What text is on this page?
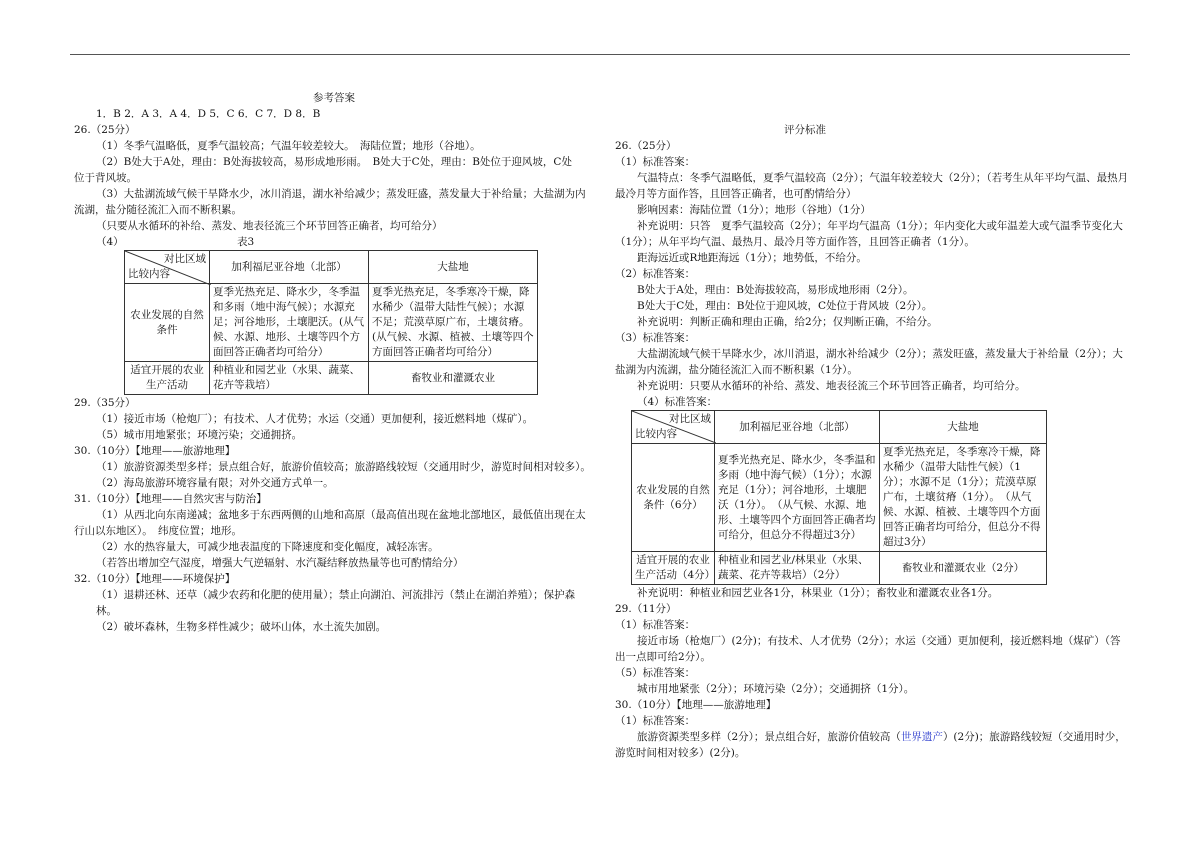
参考答案

1．B 2．A 3．A 4．D 5．C 6．C 7．D 8．B

26.（25分）

（1）冬季气温略低，夏季气温较高；气温年较差较大。　海陆位置；地形（谷地）。

（2）B处大于A处，理由：B处海拔较高，易形成地形雨。　B处大于C处，理由：B处位于迎风坡，C处

位于背风坡。

（3）大盐湖流域气候干旱降水少，冰川消退，湖水补给减少；蒸发旺盛，蒸发量大于补给量；大盐湖为内

流湖，盐分随径流汇入而不断积累。

（只要从水循环的补给、蒸发、地表径流三个环节回答正确者，均可给分）

（4）	表3

对比区域
比较内容	加利福尼亚谷地（北部）	大盐地
农业发展的自然条件	夏季光热充足、降水少，冬季温和多雨（地中海气候）；水源充足；河谷地形，土壤肥沃。(从气候、水源、地形、土壤等四个方面回答正确者均可给分）	夏季光热充足，冬季寒冷干燥，降水稀少（温带大陆性气候）；水源不足；荒漠草原广布，土壤贫瘠。(从气候、水源、植被、土壤等四个方面回答正确者均可给分）
适宜开展的农业生产活动	种植业和园艺业（水果、蔬菜、花卉等栽培）	畜牧业和灌溉农业

29.（35分）

（1）接近市场（枪炮厂）；有技术、人才优势；水运（交通）更加便利，接近燃料地（煤矿）。

（5）城市用地紧张；环境污染；交通拥挤。

30.（10分）【地理——旅游地理】

（1）旅游资源类型多样；景点组合好，旅游价值较高；旅游路线较短（交通用时少，游览时间相对较多）。

（2）海岛旅游环境容量有限；对外交通方式单一。

31.（10分）【地理——自然灾害与防治】

（1）从西北向东南递减；盆地多于东西两侧的山地和高原（最高值出现在盆地北部地区，最低值出现在太

行山以东地区）。　纬度位置；地形。

（2）水的热容量大，可减少地表温度的下降速度和变化幅度，减轻冻害。

（若答出增加空气湿度，增强大气逆辐射、水汽凝结释放热量等也可酌情给分）

32.（10分）【地理——环境保护】

（1）退耕还林、还草（减少农药和化肥的使用量）；禁止向湖泊、河流排污（禁止在湖泊养殖）；保护森林。

（2）破坏森林，生物多样性减少；破坏山体，水土流失加剧。

评分标准

26.（25分）

（1）标准答案：

气温特点：冬季气温略低，夏季气温较高（2分）；气温年较差较大（2分）；（若考生从年平均气温、最热月

最冷月等方面作答，且回答正确者，也可酌情给分）

影响因素：海陆位置（1分）；地形（谷地）（1分）

补充说明：只答　夏季气温较高（2分）；年平均气温高（1分）；年内变化大或年温差大或气温季节变化大

（1分）；从年平均气温、最热月、最冷月等方面作答，且回答正确者（1分）。

距海远近或R地距海远（1分）；地势低，不给分。

（2）标准答案：

B处大于A处，理由：B处海拔较高，易形成地形雨（2分）。

B处大于C处，理由：B处位于迎风坡，C处位于背风坡（2分）。

补充说明：判断正确和理由正确，给2分；仅判断正确，不给分。

（3）标准答案：

大盐湖流域气候干旱降水少，冰川消退，湖水补给减少（2分）；蒸发旺盛，蒸发量大于补给量（2分）；大

盐湖为内流湖，盐分随径流汇入而不断积累（1分）。

补充说明：只要从水循环的补给、蒸发、地表径流三个环节回答正确者，均可给分。

（4）标准答案：

对比区域
比较内容	加利福尼亚谷地（北部）	大盐地
农业发展的自然条件（6分）	夏季光热充足、降水少，冬季温和多雨（地中海气候）（1分）；水源充足（1分）；河谷地形，土壤肥沃（1分）。　（从气候、水源、地形、土壤等四个方面回答正确者均可给分，但总分不得超过3分）	夏季光热充足，冬季寒冷干燥，降水稀少（温带大陆性气候）（1分）；水源不足（1分）；荒漠草原广布，土壤贫瘠（1分）。　（从气候、水源、植被、土壤等四个方面回答正确者均可给分，但总分不得超过3分）
适宜开展的农业生产活动（4分）	种植业和园艺业/林果业（水果、蔬菜、花卉等栽培）（2分）	畜牧业和灌溉农业（2分）

补充说明：种植业和园艺业各1分，林果业（1分）；畜牧业和灌溉农业各1分。

29.（11分）

（1）标准答案：

接近市场（枪炮厂）(2分)；有技术、人才优势（2分）；水运（交通）更加便利，接近燃料地（煤矿）（答

出一点即可给2分）。

（5）标准答案：

城市用地紧张（2分）；环境污染（2分）；交通拥挤（1分）。

30.（10分）【地理——旅游地理】

（1）标准答案：

旅游资源类型多样（2分）；景点组合好，旅游价值较高（世界遗产）(2分)；旅游路线较短（交通用时少，

游览时间相对较多）(2分)。
